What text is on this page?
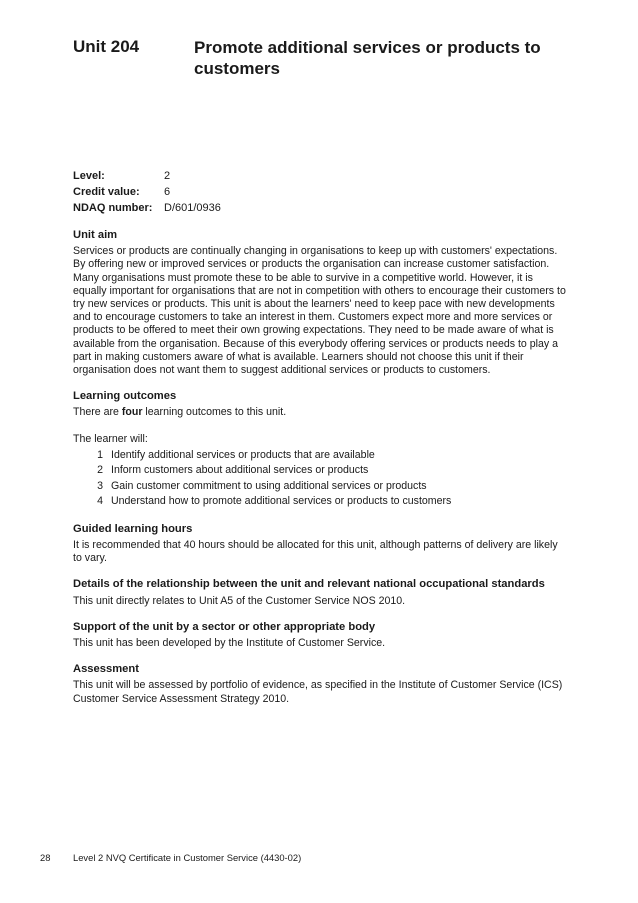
Unit 204	Promote additional services or products to customers
Level:	2
Credit value:	6
NDAQ number:	D/601/0936
Unit aim

Services or products are continually changing in organisations to keep up with customers' expectations. By offering new or improved services or products the organisation can increase customer satisfaction. Many organisations must promote these to be able to survive in a competitive world. However, it is equally important for organisations that are not in competition with others to encourage their customers to try new services or products. This unit is about the learners' need to keep pace with new developments and to encourage customers to take an interest in them. Customers expect more and more services or products to be offered to meet their own growing expectations. They need to be made aware of what is available from the organisation. Because of this everybody offering services or products needs to play a part in making customers aware of what is available. Learners should not choose this unit if their organisation does not want them to suggest additional services or products to customers.

Learning outcomes

There are four learning outcomes to this unit.

The learner will:

1 Identify additional services or products that are available
2 Inform customers about additional services or products
3 Gain customer commitment to using additional services or products
4 Understand how to promote additional services or products to customers
Guided learning hours

It is recommended that 40 hours should be allocated for this unit, although patterns of delivery are likely to vary.

Details of the relationship between the unit and relevant national occupational standards

This unit directly relates to Unit A5 of the Customer Service NOS 2010.

Support of the unit by a sector or other appropriate body

This unit has been developed by the Institute of Customer Service.

Assessment

This unit will be assessed by portfolio of evidence, as specified in the Institute of Customer Service (ICS) Customer Service Assessment Strategy 2010.

28	Level 2 NVQ Certificate in Customer Service (4430-02)
